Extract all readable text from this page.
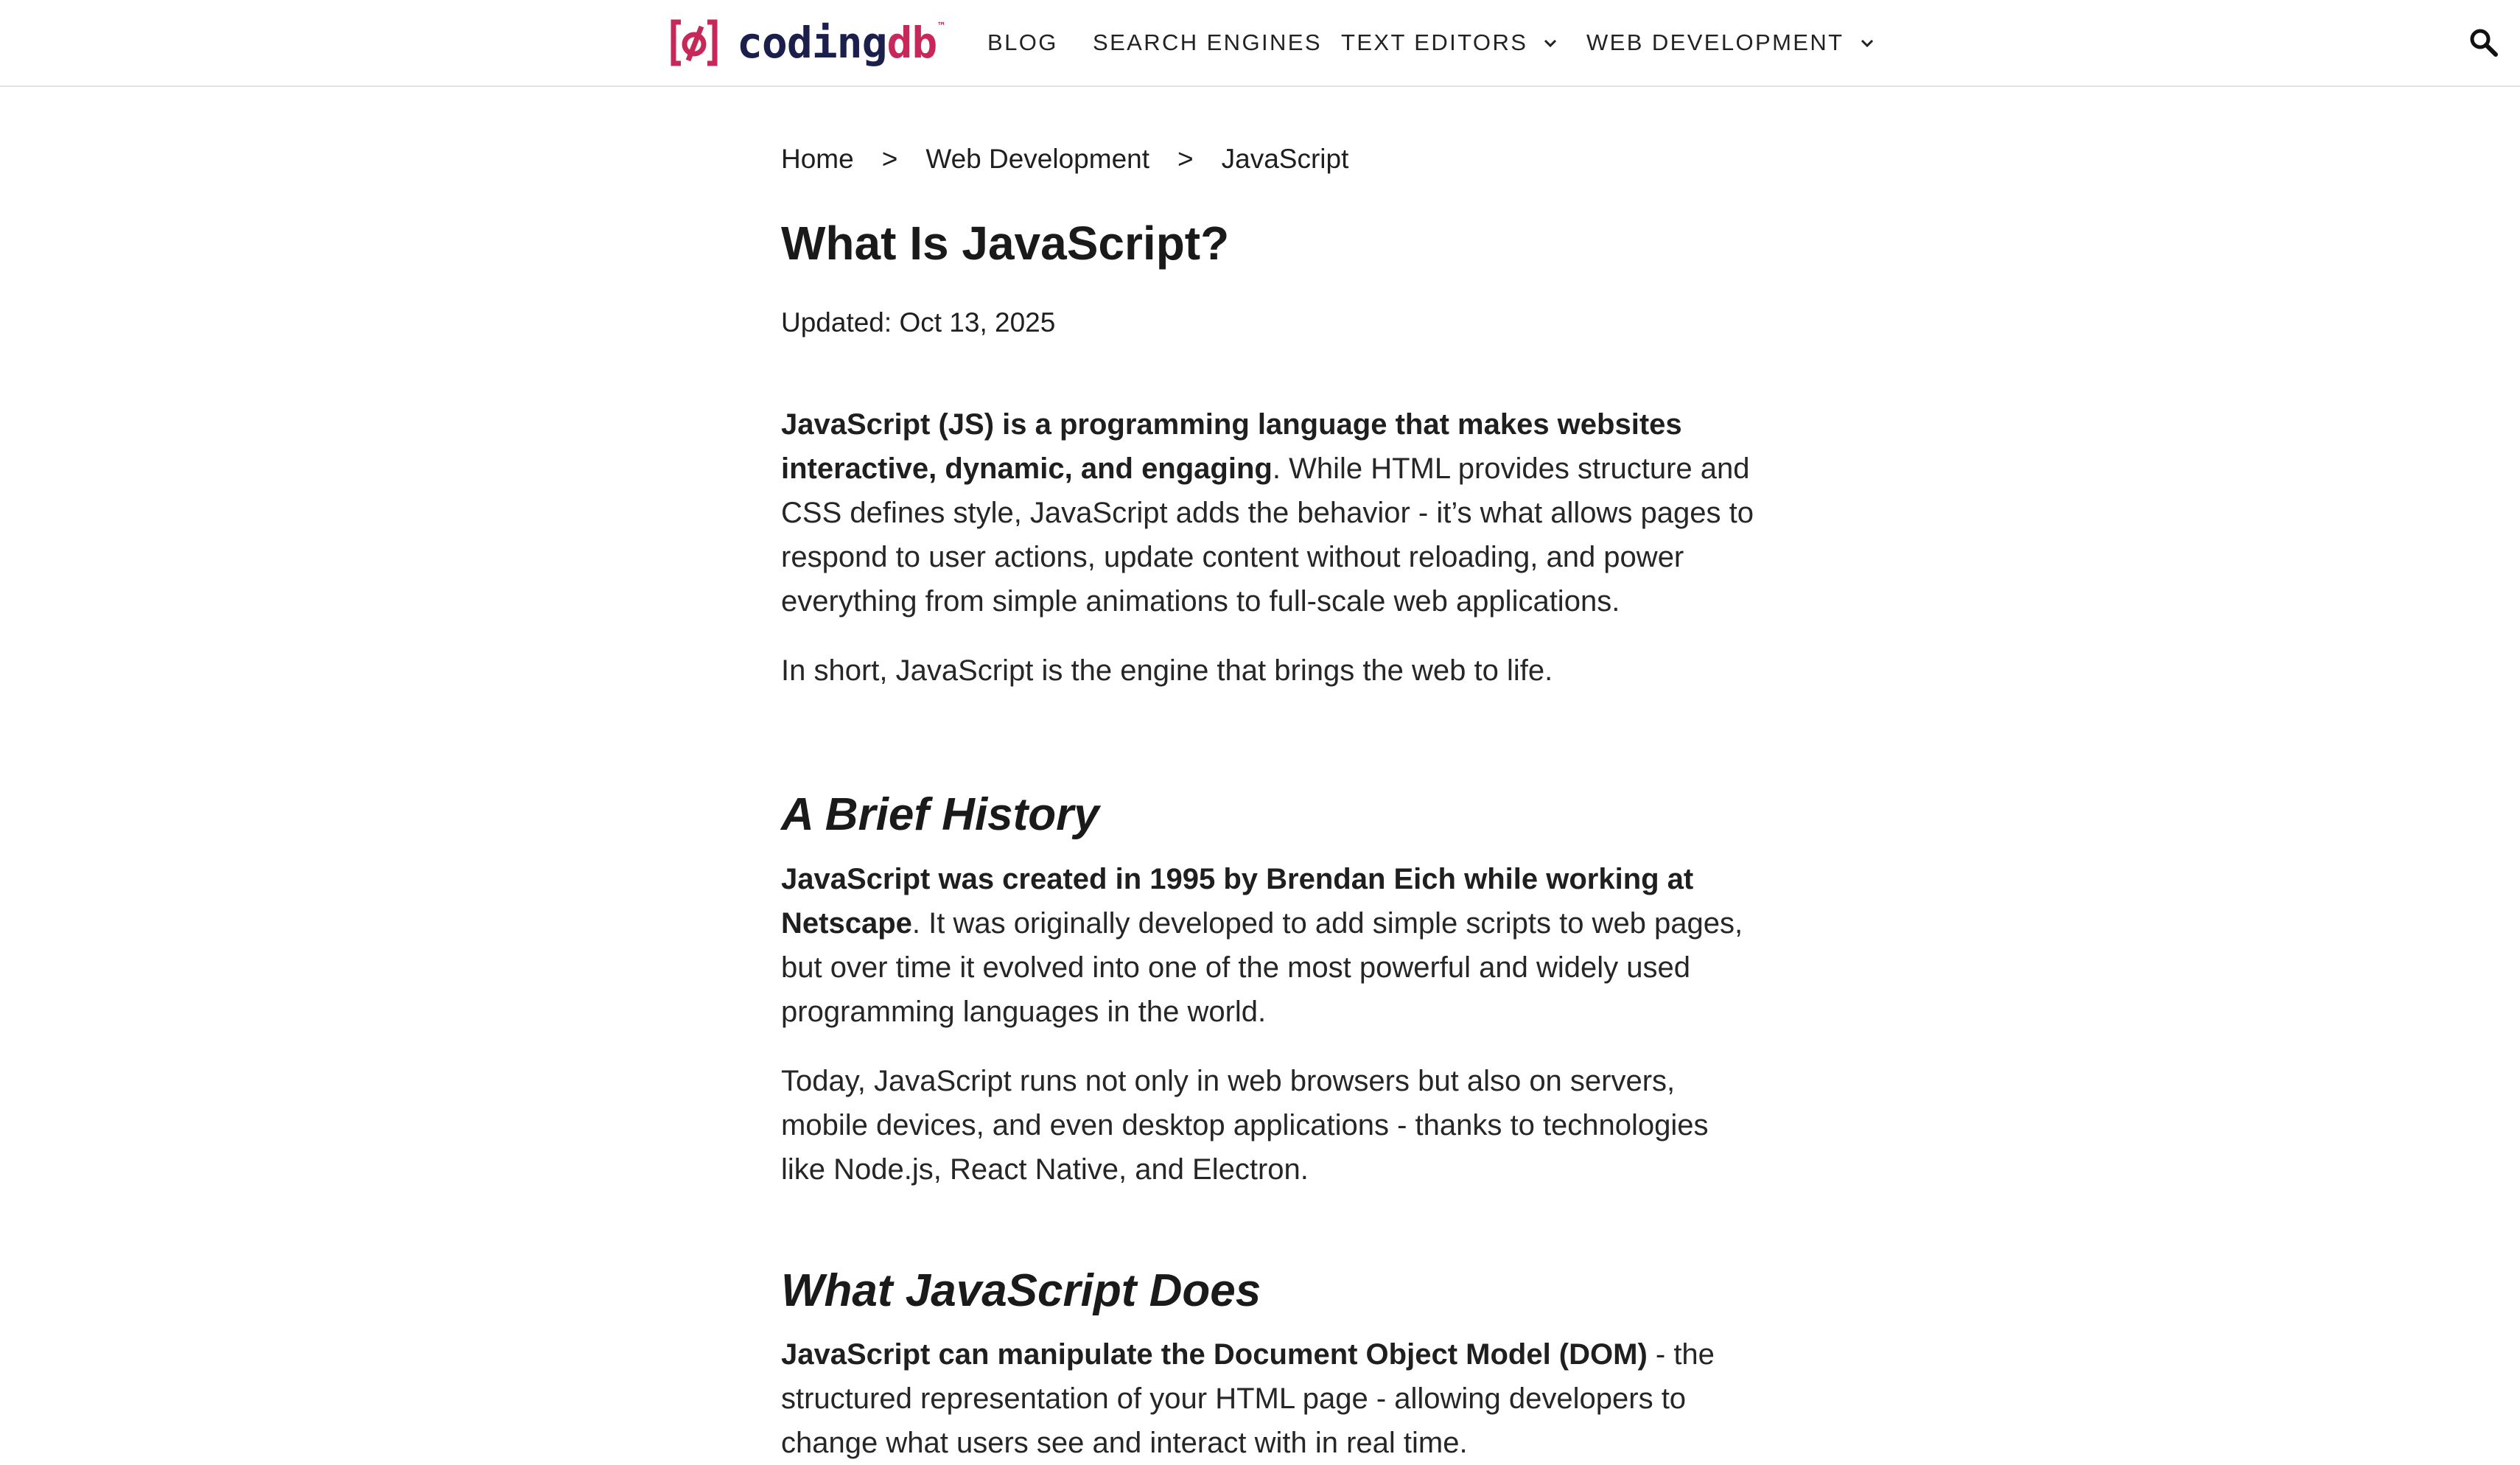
codingdb ™
BLOG SEARCH ENGINES TEXT EDITORS	WEB DEVELOPMENT
Home > Web Development > JavaScript
What Is JavaScript?
Updated: Oct 13, 2025

JavaScript (JS) is a programming language that makes websites interactive, dynamic, and engaging. While HTML provides structure and CSS defines style, JavaScript adds the behavior - it’s what allows pages to respond to user actions, update content without reloading, and power everything from simple animations to full-scale web applications.

In short, JavaScript is the engine that brings the web to life.

A Brief History

JavaScript was created in 1995 by Brendan Eich while working at Netscape. It was originally developed to add simple scripts to web pages, but over time it evolved into one of the most powerful and widely used programming languages in the world.

Today, JavaScript runs not only in web browsers but also on servers, mobile devices, and even desktop applications - thanks to technologies like Node.js, React Native, and Electron.

What JavaScript Does

JavaScript can manipulate the Document Object Model (DOM) - the structured representation of your HTML page - allowing developers to change what users see and interact with in real time.
